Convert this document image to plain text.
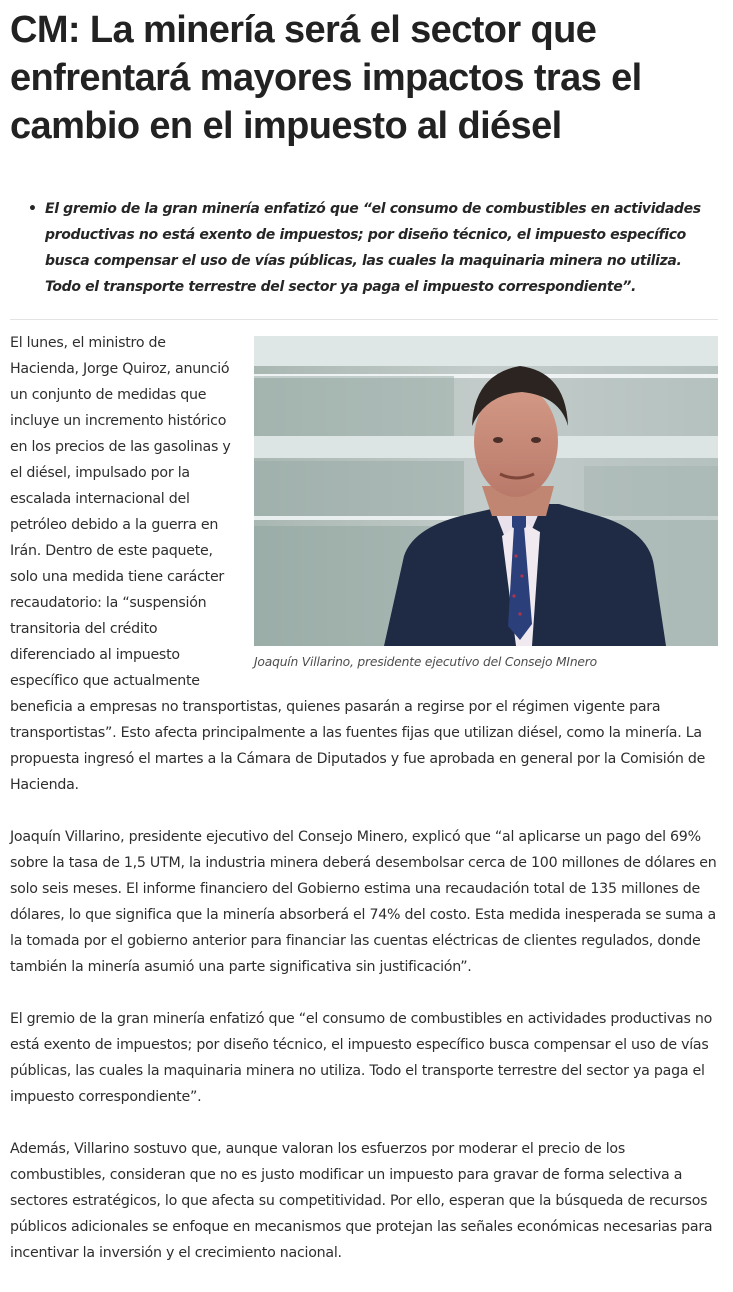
CM: La minería será el sector que enfrentará mayores impactos tras el cambio en el impuesto al diésel
• El gremio de la gran minería enfatizó que “el consumo de combustibles en actividades productivas no está exento de impuestos; por diseño técnico, el impuesto específico busca compensar el uso de vías públicas, las cuales la maquinaria minera no utiliza. Todo el transporte terrestre del sector ya paga el impuesto correspondiente”.
Joaquín Villarino, presidente ejecutivo del Consejo MInero

El lunes, el ministro de Hacienda, Jorge Quiroz, anunció un conjunto de medidas que incluye un incremento histórico en los precios de las gasolinas y el diésel, impulsado por la escalada internacional del petróleo debido a la guerra en Irán. Dentro de este paquete, solo una medida tiene carácter recaudatorio: la “suspensión transitoria del crédito diferenciado al impuesto específico que actualmente beneficia a empresas no transportistas, quienes pasarán a regirse por el régimen vigente para transportistas”. Esto afecta principalmente a las fuentes fijas que utilizan diésel, como la minería. La propuesta ingresó el martes a la Cámara de Diputados y fue aprobada en general por la Comisión de Hacienda.

Joaquín Villarino, presidente ejecutivo del Consejo Minero, explicó que “al aplicarse un pago del 69% sobre la tasa de 1,5 UTM, la industria minera deberá desembolsar cerca de 100 millones de dólares en solo seis meses. El informe financiero del Gobierno estima una recaudación total de 135 millones de dólares, lo que significa que la minería absorberá el 74% del costo. Esta medida inesperada se suma a la tomada por el gobierno anterior para financiar las cuentas eléctricas de clientes regulados, donde también la minería asumió una parte significativa sin justificación”.

El gremio de la gran minería enfatizó que “el consumo de combustibles en actividades productivas no está exento de impuestos; por diseño técnico, el impuesto específico busca compensar el uso de vías públicas, las cuales la maquinaria minera no utiliza. Todo el transporte terrestre del sector ya paga el impuesto correspondiente”.

Además, Villarino sostuvo que, aunque valoran los esfuerzos por moderar el precio de los combustibles, consideran que no es justo modificar un impuesto para gravar de forma selectiva a sectores estratégicos, lo que afecta su competitividad. Por ello, esperan que la búsqueda de recursos públicos adicionales se enfoque en mecanismos que protejan las señales económicas necesarias para incentivar la inversión y el crecimiento nacional.
